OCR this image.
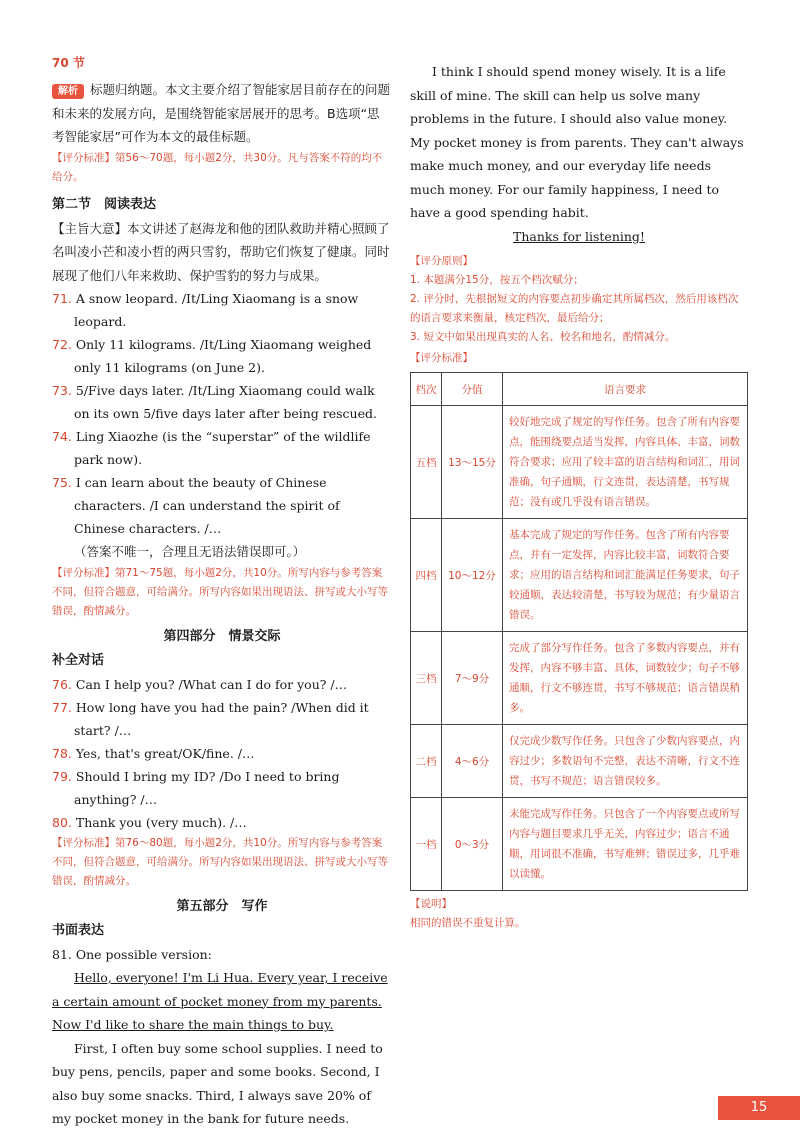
70 节

解析 标题归纳题。本文主要介绍了智能家居目前存在的问题和未来的发展方向，是围绕智能家居展开的思考。B选项“思考智能家居”可作为本文的最佳标题。

【评分标准】第56～70题，每小题2分，共30分。凡与答案不符的均不给分。

第二节　阅读表达

【主旨大意】本文讲述了赵海龙和他的团队救助并精心照顾了名叫凌小芒和凌小哲的两只雪豹，帮助它们恢复了健康。同时展现了他们八年来救助、保护雪豹的努力与成果。

71. A snow leopard. /It/Ling Xiaomang is a snow leopard.

72. Only 11 kilograms. /It/Ling Xiaomang weighed only 11 kilograms (on June 2).

73. 5/Five days later. /It/Ling Xiaomang could walk on its own 5/five days later after being rescued.

74. Ling Xiaozhe (is the “superstar” of the wildlife park now).

75. I can learn about the beauty of Chinese characters. /I can understand the spirit of Chinese characters. /…

（答案不唯一，合理且无语法错误即可。）

【评分标准】第71～75题，每小题2分，共10分。所写内容与参考答案不同，但符合题意，可给满分。所写内容如果出现语法、拼写或大小写等错误，酌情减分。

第四部分　情景交际

补全对话

76. Can I help you? /What can I do for you? /…

77. How long have you had the pain? /When did it start? /…

78. Yes, that's great/OK/fine. /…

79. Should I bring my ID? /Do I need to bring anything? /…

80. Thank you (very much). /…

【评分标准】第76～80题，每小题2分，共10分。所写内容与参考答案不同，但符合题意，可给满分。所写内容如果出现语法、拼写或大小写等错误，酌情减分。

第五部分　写作

书面表达

81. One possible version:

Hello, everyone! I'm Li Hua. Every year, I receive a certain amount of pocket money from my parents. Now I'd like to share the main things to buy.

First, I often buy some school supplies. I need to buy pens, pencils, paper and some books. Second, I also buy some snacks. Third, I always save 20% of my pocket money in the bank for future needs.

I think I should spend money wisely. It is a life skill of mine. The skill can help us solve many problems in the future. I should also value money. My pocket money is from parents. They can't always make much money, and our everyday life needs much money. For our family happiness, I need to have a good spending habit.

Thanks for listening!

【评分原则】

1. 本题满分15分，按五个档次赋分；

2. 评分时，先根据短文的内容要点初步确定其所属档次，然后用该档次的语言要求来衡量，核定档次，最后给分；

3. 短文中如果出现真实的人名、校名和地名，酌情减分。

【评分标准】

档次	分值	语言要求
五档	13～15分	较好地完成了规定的写作任务。包含了所有内容要点，能围绕要点适当发挥，内容具体、丰富，词数符合要求；应用了较丰富的语言结构和词汇，用词准确，句子通顺，行文连贯，表达清楚，书写规范；没有或几乎没有语言错误。
四档	10～12分	基本完成了规定的写作任务。包含了所有内容要点，并有一定发挥，内容比较丰富，词数符合要求；应用的语言结构和词汇能满足任务要求，句子较通顺，表达较清楚，书写较为规范；有少量语言错误。
三档	7～9分	完成了部分写作任务。包含了多数内容要点，并有发挥，内容不够丰富、具体，词数较少；句子不够通顺，行文不够连贯，书写不够规范；语言错误稍多。
二档	4～6分	仅完成少数写作任务。只包含了少数内容要点，内容过少；多数语句不完整，表达不清晰，行文不连贯，书写不规范；语言错误较多。
一档	0～3分	未能完成写作任务。只包含了一个内容要点或所写内容与题目要求几乎无关，内容过少；语言不通顺，用词很不准确，书写难辨；错误过多，几乎难以读懂。

【说明】

相同的错误不重复计算。

15
